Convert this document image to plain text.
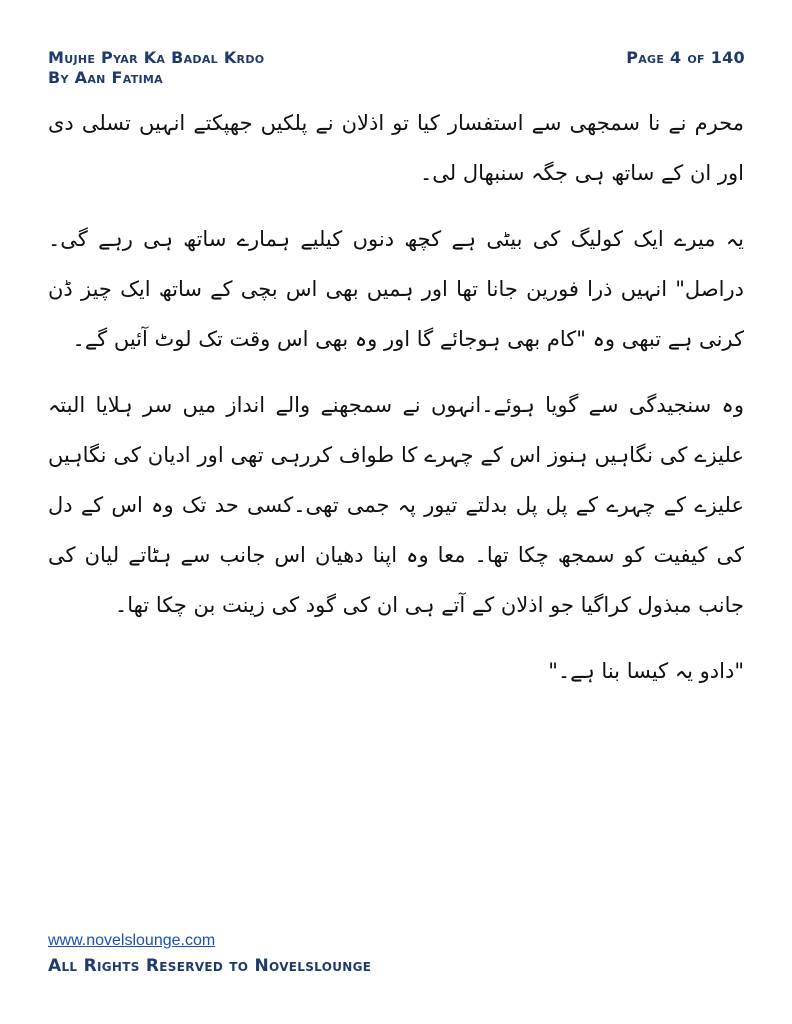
Mujhe Pyar Ka Badal Krdo
By Aan Fatima
Page 4 of 140

محرم نے نا سمجھی سے استفسار کیا تو اذلان نے پلکیں جھپکتے انہیں تسلی دی اور ان کے ساتھ ہی جگہ سنبھال لی۔

یہ میرے ایک کولیگ کی بیٹی ہے کچھ دنوں کیلیے ہمارے ساتھ ہی رہے گی۔ دراصل" انہیں ذرا فورین جانا تھا اور ہمیں بھی اس بچی کے ساتھ ایک چیز ڈن کرنی ہے تبھی وہ "کام بھی ہوجائے گا اور وہ بھی اس وقت تک لوٹ آئیں گے۔

وہ سنجیدگی سے گویا ہوئے۔انہوں نے سمجھنے والے انداز میں سر ہلایا البتہ علیزے کی نگاہیں ہنوز اس کے چہرے کا طواف کررہی تھی اور ادیان کی نگاہیں علیزے کے چہرے کے پل پل بدلتے تیور پہ جمی تھی۔کسی حد تک وہ اس کے دل کی کیفیت کو سمجھ چکا تھا۔ معا وہ اپنا دھیان اس جانب سے ہٹاتے لیان کی جانب مبذول کراگیا جو اذلان کے آتے ہی ان کی گود کی زینت بن چکا تھا۔

"دادو یہ کیسا بنا ہے۔"

www.novelslounge.com
All Rights Reserved to Novelslounge
